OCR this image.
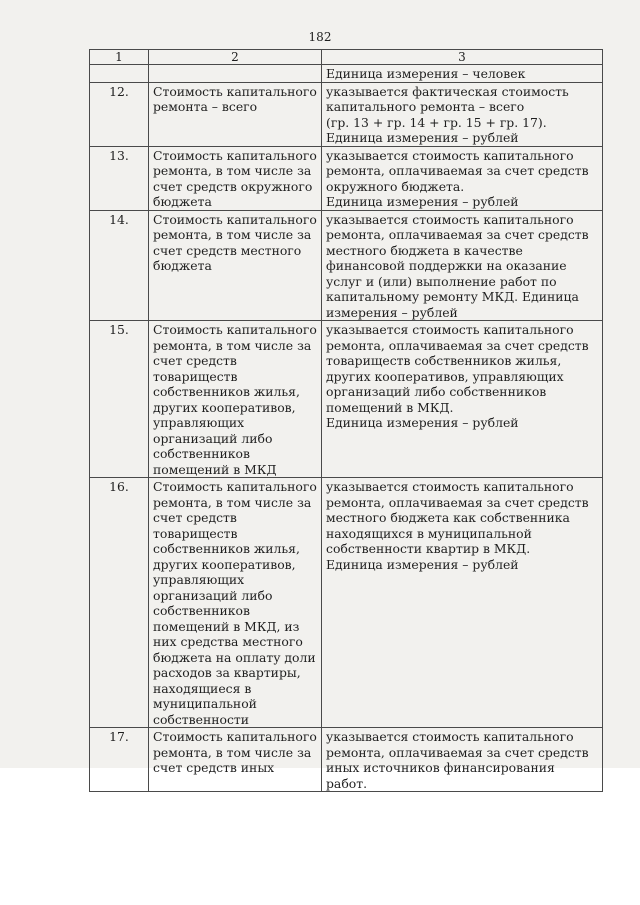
182
1	2	3
		Единица измерения – человек
12.	Стоимость капитального ремонта – всего	указывается фактическая стоимость капитального ремонта – всего
(гр. 13 + гр. 14 + гр. 15 + гр. 17).
Единица измерения – рублей
13.	Стоимость капитального ремонта, в том числе за счет средств окружного бюджета	указывается стоимость капитального ремонта, оплачиваемая за счет средств окружного бюджета.
Единица измерения – рублей
14.	Стоимость капитального ремонта, в том числе за счет средств местного бюджета	указывается стоимость капитального ремонта, оплачиваемая за счет средств местного бюджета в качестве финансовой поддержки на оказание услуг и (или) выполнение работ по капитальному ремонту МКД. Единица измерения – рублей
15.	Стоимость капитального ремонта, в том числе за счет средств товариществ собственников жилья, других кооперативов, управляющих организаций либо собственников помещений в МКД	указывается стоимость капитального ремонта, оплачиваемая за счет средств товариществ собственников жилья, других кооперативов, управляющих организаций либо собственников помещений в МКД.
Единица измерения – рублей
16.	Стоимость капитального ремонта, в том числе за счет средств товариществ собственников жилья, других кооперативов, управляющих организаций либо собственников помещений в МКД, из них средства местного бюджета на оплату доли расходов за квартиры, находящиеся в муниципальной собственности	указывается стоимость капитального ремонта, оплачиваемая за счет средств местного бюджета как собственника находящихся в муниципальной собственности квартир в МКД.
Единица измерения – рублей
17.	Стоимость капитального ремонта, в том числе за счет средств иных	указывается стоимость капитального ремонта, оплачиваемая за счет средств иных источников финансирования работ.
